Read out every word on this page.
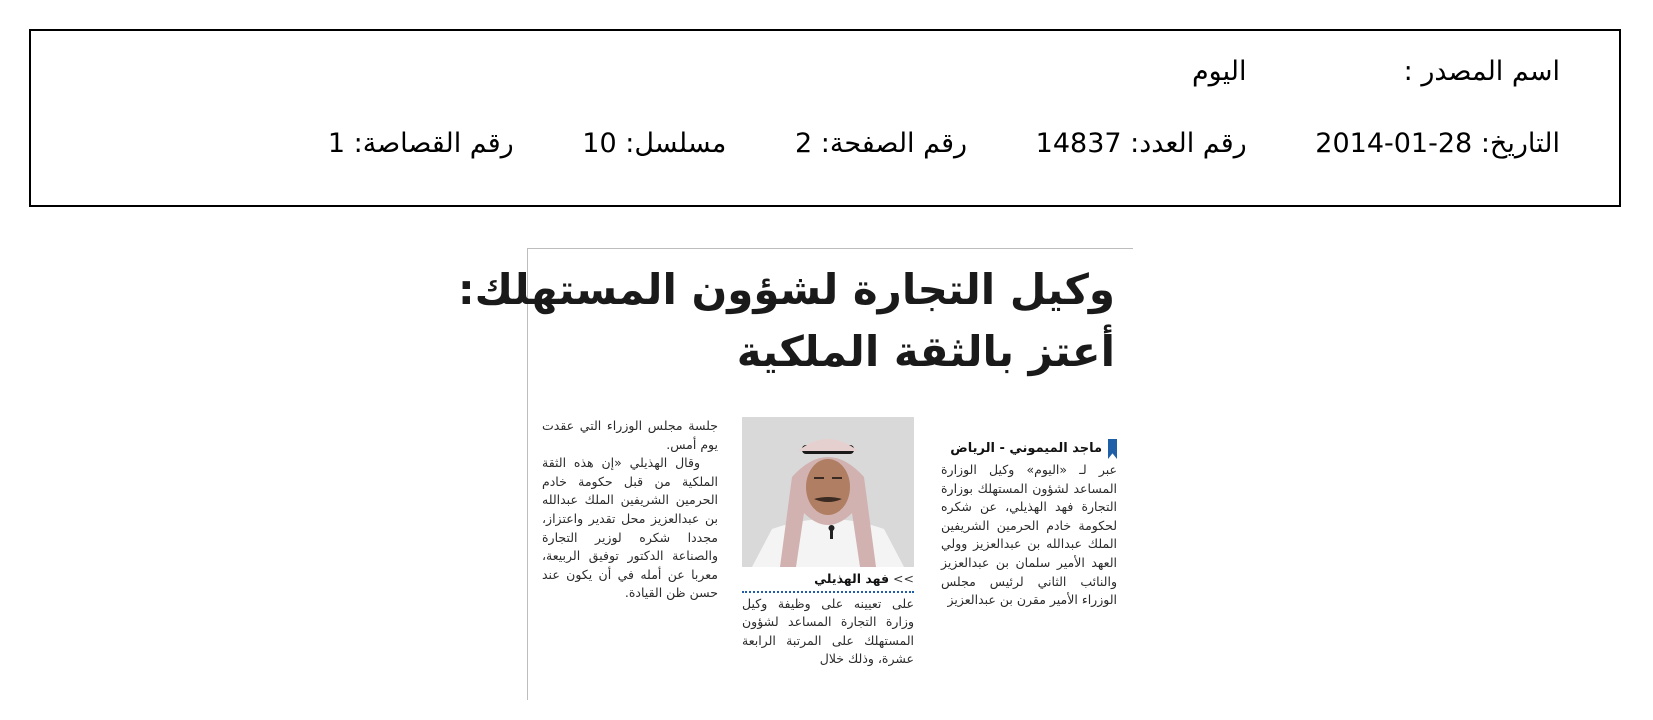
اسم المصدر :  اليوم
التاريخ: 2014-01-28 رقم العدد: 14837 رقم الصفحة: 2 مسلسل: 10 رقم القصاصة: 1
وكيل التجارة لشؤون المستهلك:
أعتز بالثقة الملكية
ماجد الميموني - الرياض

عبر لـ «اليوم» وكيل الوزارة المساعد لشؤون المستهلك بوزارة التجارة فهد الهذيلي، عن شكره لحكومة خادم الحرمين الشريفين الملك عبدالله بن عبدالعزيز وولي العهد الأمير سلمان بن عبدالعزيز والنائب الثاني لرئيس مجلس الوزراء الأمير مقرن بن عبدالعزيز

>>فهد الهذيلي

على تعيينه على وظيفة وكيل وزارة التجارة المساعد لشؤون المستهلك على المرتبة الرابعة عشرة، وذلك خلال

جلسة مجلس الوزراء التي عقدت يوم أمس.

وقال الهذيلي «إن هذه الثقة الملكية من قبل حكومة خادم الحرمين الشريفين الملك عبدالله بن عبدالعزيز محل تقدير واعتزاز، مجددا شكره لوزير التجارة والصناعة الدكتور توفيق الربيعة، معربا عن أمله في أن يكون عند حسن ظن القيادة.
